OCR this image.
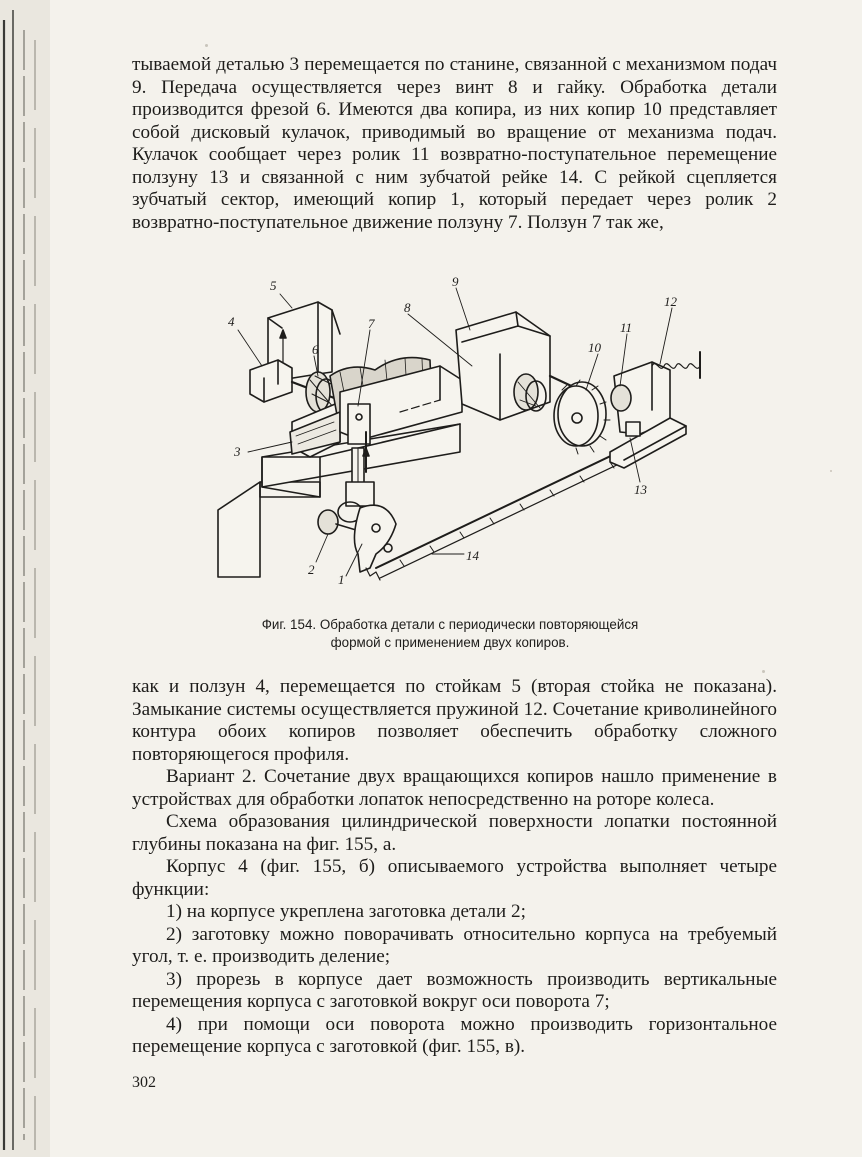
тываемой деталью 3 перемещается по станине, связанной с механизмом подач 9. Передача осуществляется через винт 8 и гайку. Обработка детали производится фрезой 6. Имеются два копира, из них копир 10 представляет собой дисковый кулачок, приводимый во вращение от механизма подач. Кулачок сообщает через ролик 11 возвратно-поступательное перемещение ползуну 13 и связанной с ним зубчатой рейке 14. С рейкой сцепляется зубчатый сектор, имеющий копир 1, который передает через ролик 2 возвратно-поступательное движение ползуну 7. Ползун 7 так же,

5
4
6
7
8
9
10
11
12
13
3
2
1
14
Фиг. 154. Обработка детали с периодически повторяющейся
формой с применением двух копиров.

как и ползун 4, перемещается по стойкам 5 (вторая стойка не показана). Замыкание системы осуществляется пружиной 12. Сочетание криволинейного контура обоих копиров позволяет обеспечить обработку сложного повторяющегося профиля.

Вариант 2. Сочетание двух вращающихся копиров нашло применение в устройствах для обработки лопаток непосредственно на роторе колеса.

Схема образования цилиндрической поверхности лопатки постоянной глубины показана на фиг. 155, а.

Корпус 4 (фиг. 155, б) описываемого устройства выполняет четыре функции:

1) на корпусе укреплена заготовка детали 2;

2) заготовку можно поворачивать относительно корпуса на требуемый угол, т. е. производить деление;

3) прорезь в корпусе дает возможность производить вертикальные перемещения корпуса с заготовкой вокруг оси поворота 7;

4) при помощи оси поворота можно производить горизонтальное перемещение корпуса с заготовкой (фиг. 155, в).

302
